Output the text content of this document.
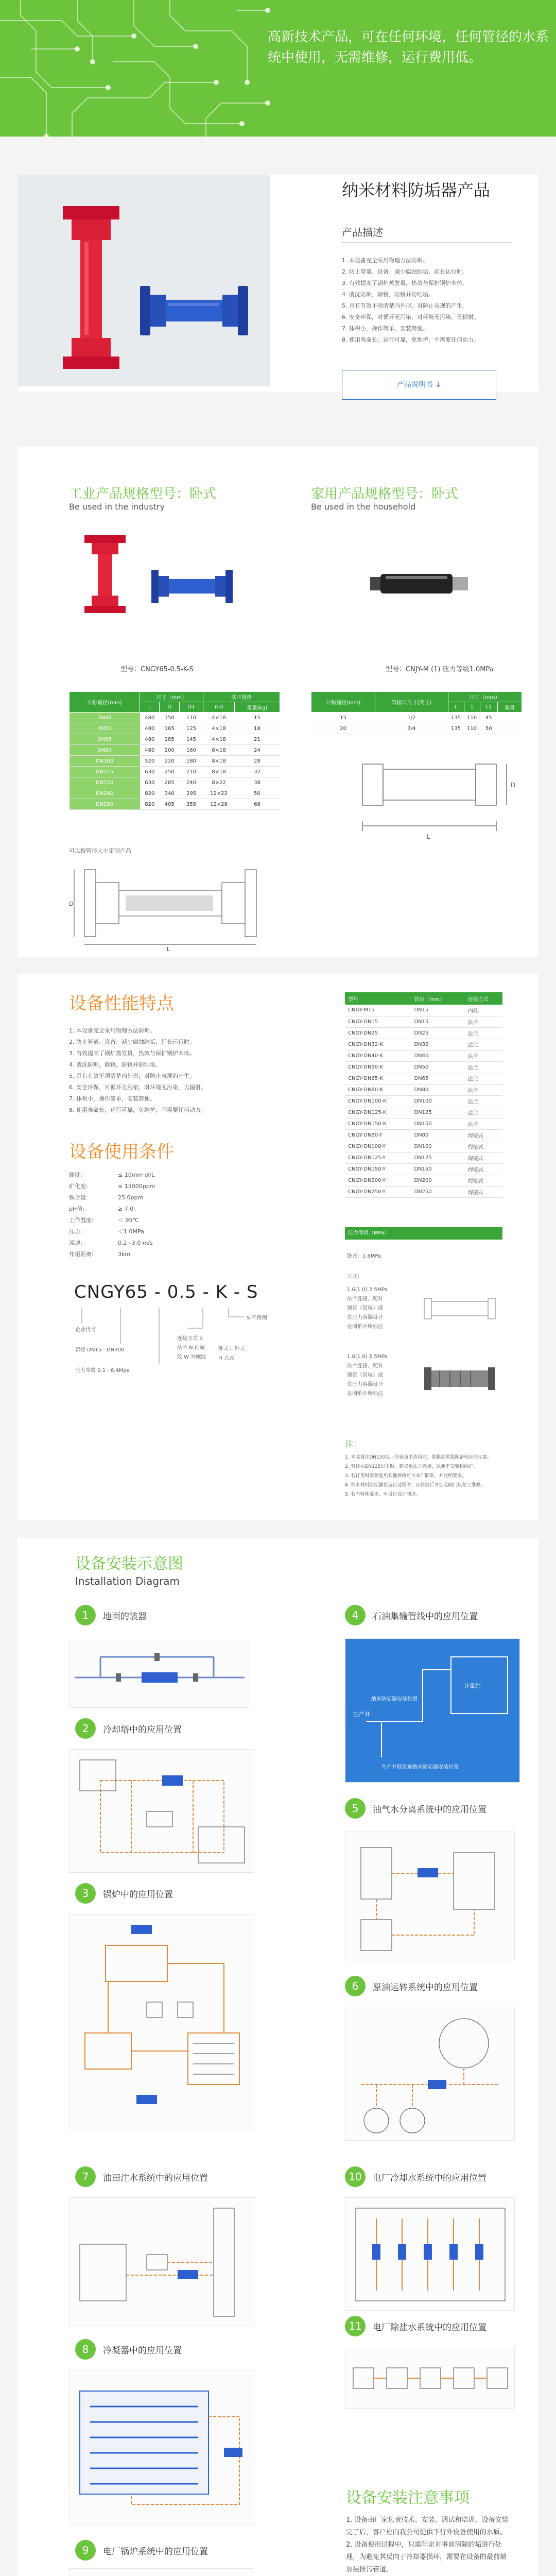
高新技术产品，可在任何环境，任何管径的水系统中使用，无需维修，运行费用低。
纳米材料防垢器产品
产品描述
1. 本设备完全采用物理方法防垢。
2. 防止管道、设备、减少腐蚀结垢，延长运行时。
3. 有效提高了锅炉蒸发量，热效与保护锅炉本体。
4. 清洗防垢，除锈，防锈并防结垢。
5. 具有有效不须清楚内外形，对防止表现的产生。
6. 安全环保，对循环无污染，对环境无污染，无辐射。
7. 体积小，操作简单，安装简便。
8. 使用寿命长，运行可靠，免维护，不需要任何动力。
产品说明书 ↓
工业产品规格型号：卧式
Be used in the industry
家用产品规格型号：卧式
Be used in the household
型号：CNGY65-0.5-K-S	型号：CNJY-M (1) 压力等级1.0MPa
公称通径(mm)	尺寸（mm）			法兰规格	
	L	D	D1	n-d	重量(kg)
DN40	480	150	110	4×18	15
DN50	480	165	125	4×18	18
DN65	480	185	145	4×18	21
DN80	480	200	160	8×18	24
DN100	520	220	180	8×18	28
DN125	630	250	210	8×18	32
DN150	630	285	240	8×22	38
DN200	820	340	295	12×22	50
DN250	820	405	355	12×26	68
公称通径(mm)	管接口尺寸(英寸)	尺寸（mm）			
		L	1	L1	重量
15	1/2	135	110	45	
20	3/4	135	110	50	
L
D
可以按管径大小定制产品
L
D
设备性能特点
1. 本设备完全采用物理方法防垢。
2. 防止管道、设备、减少腐蚀结垢，延长运行时。
3. 有效提高了锅炉蒸发量，热效与保护锅炉本体。
4. 清洗防垢，除锈，防锈并防结垢。
5. 具有有效不须清楚内外形，对防止表现的产生。
6. 安全环保，对循环无污染，对环境无污染，无辐射。
7. 体积小，操作简单，安装简便。
8. 使用寿命长，运行可靠，免维护，不需要任何动力。
设备使用条件
硬度:	≤ 10mm·ol/L
矿化度:	≤ 15000ppm
铁含量:	25.0ppm
pH值:	≥ 7.0
工作温度:	＜ 95℃
压力:	＜1.0MPa
流速:	0.2~3.0 m/s
作用距离:	3km
CNGY65 - 0.5 - K - S
企业代号
管径 DN15 - DN300
压力等级 0.1 - 6.4Mpa
连接方式 K 法兰 N 内螺纹 W 外螺纹
S 不锈钢
卧式 L 卧式 H 立式
型号	管径（mm）	连接方式
CNGY-M15	DN15	内丝
CNGY-DN15	DN15	法兰
CNGY-DN25	DN25	法兰
CNGY-DN32-K	DN32	法兰
CNGY-DN40-K	DN40	法兰
CNGY-DN50-K	DN50	法兰
CNGY-DN65-K	DN65	法兰
CNGY-DN80-K	DN80	法兰
CNGY-DN100-K	DN100	法兰
CNGY-DN125-K	DN125	法兰
CNGY-DN150-K	DN150	法兰
CNGY-DN80-Y	DN80	焊接式
CNGY-DN100-Y	DN100	焊接式
CNGY-DN125-Y	DN125	焊接式
CNGY-DN150-Y	DN150	焊接式
CNGY-DN200-Y	DN200	焊接式
CNGY-DN250-Y	DN250	焊接式
压力等级（MPa）
卧式：1.6MPa
立式：
1.6(1.0) 2.5MPa
法兰连接，配对
钢管（管端）或
在压力容器设计
在图纸中所标注
1.6(1.0) 2.5MPa
法兰连接，配对
钢管（管端）或
在压力容器设计
在图纸中所标注
注：
1. 本装置在DN150以上的管道中选用时，需根据需要配备相应的支架。
2. 管径在DN125以上时，建议用法兰连接，以便于安装和维护。
3. 若订货时需要选用其他规格可与本厂联系，并注明要求。
4. 纳米材料防垢器在运行过程中，应在前后各加装阀门以便于维修。
5. 若有特殊要求，可另行设计制造。
设备安装示意图
Installation Diagram
1	地面的装器
2	冷却塔中的应用位置
3	锅炉中的应用位置
4	石油集输管线中的应用位置
5	油气水分离系统中的应用位置
6	原油运转系统中的应用位置
7	油田注水系统中的应用位置
8	冷凝器中的应用位置
9	电厂锅炉系统中的应用位置
10	电厂冷却水系统中的应用位置
11	电厂除盐水系统中的应用位置
计量站
生产井
纳米防垢器安装位置
生产并联管道纳米防垢器安装位置
设备安装注意事项
1. 设备由厂家负责技术、安装、调试和培训，设备安装完了后，客户应向我公司提供下行外设备使用的水质。
2. 设备使用过程中，只需年定对事前清除的垢进行处理，为避免其反向于冷却器损坏，需要在设备的最前端加装排污管道。
